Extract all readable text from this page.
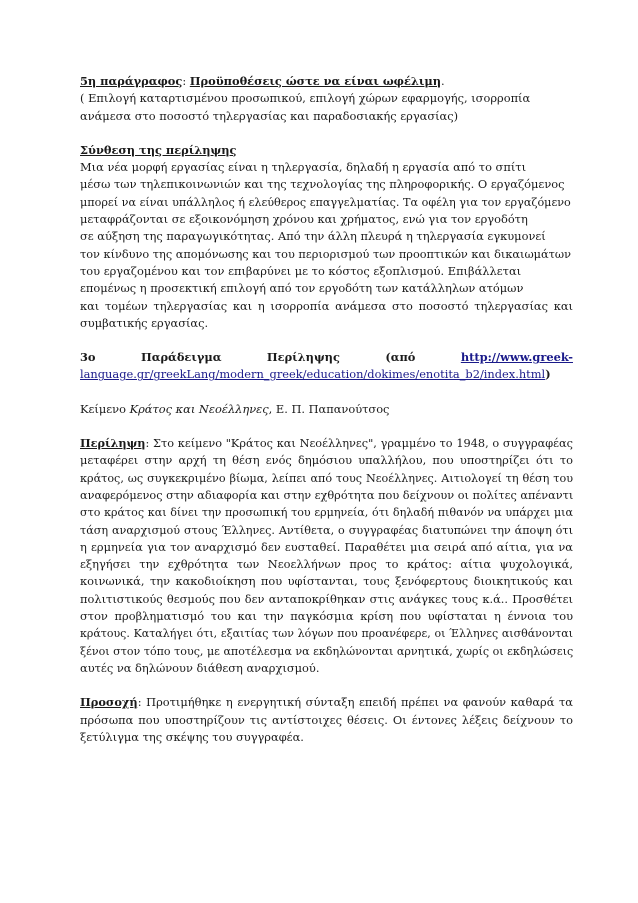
5η παράγραφος: Προϋποθέσεις ώστε να είναι ωφέλιμη.
( Επιλογή καταρτισμένου προσωπικού, επιλογή χώρων εφαρμογής, ισορροπία
ανάμεσα στο ποσοστό τηλεργασίας και παραδοσιακής εργασίας)
Σύνθεση της περίληψης
Μια νέα μορφή εργασίας είναι η τηλεργασία, δηλαδή η εργασία από το σπίτι
μέσω των τηλεπικοινωνιών και της τεχνολογίας της πληροφορικής. Ο εργαζόμενος
μπορεί να είναι υπάλληλος ή ελεύθερος επαγγελματίας. Τα οφέλη για τον εργαζόμενο
μεταφράζονται σε εξοικονόμηση χρόνου και χρήματος, ενώ για τον εργοδότη
σε αύξηση της παραγωγικότητας. Από την άλλη πλευρά η τηλεργασία εγκυμονεί
τον κίνδυνο της απομόνωσης και του περιορισμού των προοπτικών και δικαιωμάτων
του εργαζομένου και τον επιβαρύνει με το κόστος εξοπλισμού. Επιβάλλεται
επομένως η προσεκτική επιλογή από τον εργοδότη των κατάλληλων ατόμων
και τομέων τηλεργασίας και η ισορροπία ανάμεσα στο ποσοστό τηλεργασίας και
συμβατικής εργασίας.
3ο	Παράδειγμα	Περίληψης	(από	http://www.greek-
language.gr/greekLang/modern_greek/education/dokimes/enotita_b2/index.html)
Κείμενο Κράτος και Νεοέλληνες, Ε. Π. Παπανούτσος
Περίληψη: Στο κείμενο "Κράτος και Νεοέλληνες", γραμμένο το 1948, ο συγγραφέας
μεταφέρει στην αρχή τη θέση ενός δημόσιου υπαλλήλου, που υποστηρίζει ότι το
κράτος, ως συγκεκριμένο βίωμα, λείπει από τους Νεοέλληνες. Αιτιολογεί τη θέση του
αναφερόμενος στην αδιαφορία και στην εχθρότητα που δείχνουν οι πολίτες απέναντι
στο κράτος και δίνει την προσωπική του ερμηνεία, ότι δηλαδή πιθανόν να υπάρχει μια
τάση αναρχισμού στους Έλληνες. Αντίθετα, ο συγγραφέας διατυπώνει την άποψη ότι
η ερμηνεία για τον αναρχισμό δεν ευσταθεί. Παραθέτει μια σειρά από αίτια, για να
εξηγήσει την εχθρότητα των Νεοελλήνων προς το κράτος: αίτια ψυχολογικά,
κοινωνικά, την κακοδιοίκηση που υφίστανται, τους ξενόφερτους διοικητικούς και
πολιτιστικούς θεσμούς που δεν ανταποκρίθηκαν στις ανάγκες τους κ.ά.. Προσθέτει
στον προβληματισμό του και την παγκόσμια κρίση που υφίσταται η έννοια του
κράτους. Καταλήγει ότι, εξαιτίας των λόγων που προανέφερε, οι Έλληνες αισθάνονται
ξένοι στον τόπο τους, με αποτέλεσμα να εκδηλώνονται αρνητικά, χωρίς οι εκδηλώσεις
αυτές να δηλώνουν διάθεση αναρχισμού.
Προσοχή: Προτιμήθηκε η ενεργητική σύνταξη επειδή πρέπει να φανούν καθαρά τα
πρόσωπα που υποστηρίζουν τις αντίστοιχες θέσεις. Οι έντονες λέξεις δείχνουν το
ξετύλιγμα της σκέψης του συγγραφέα.
